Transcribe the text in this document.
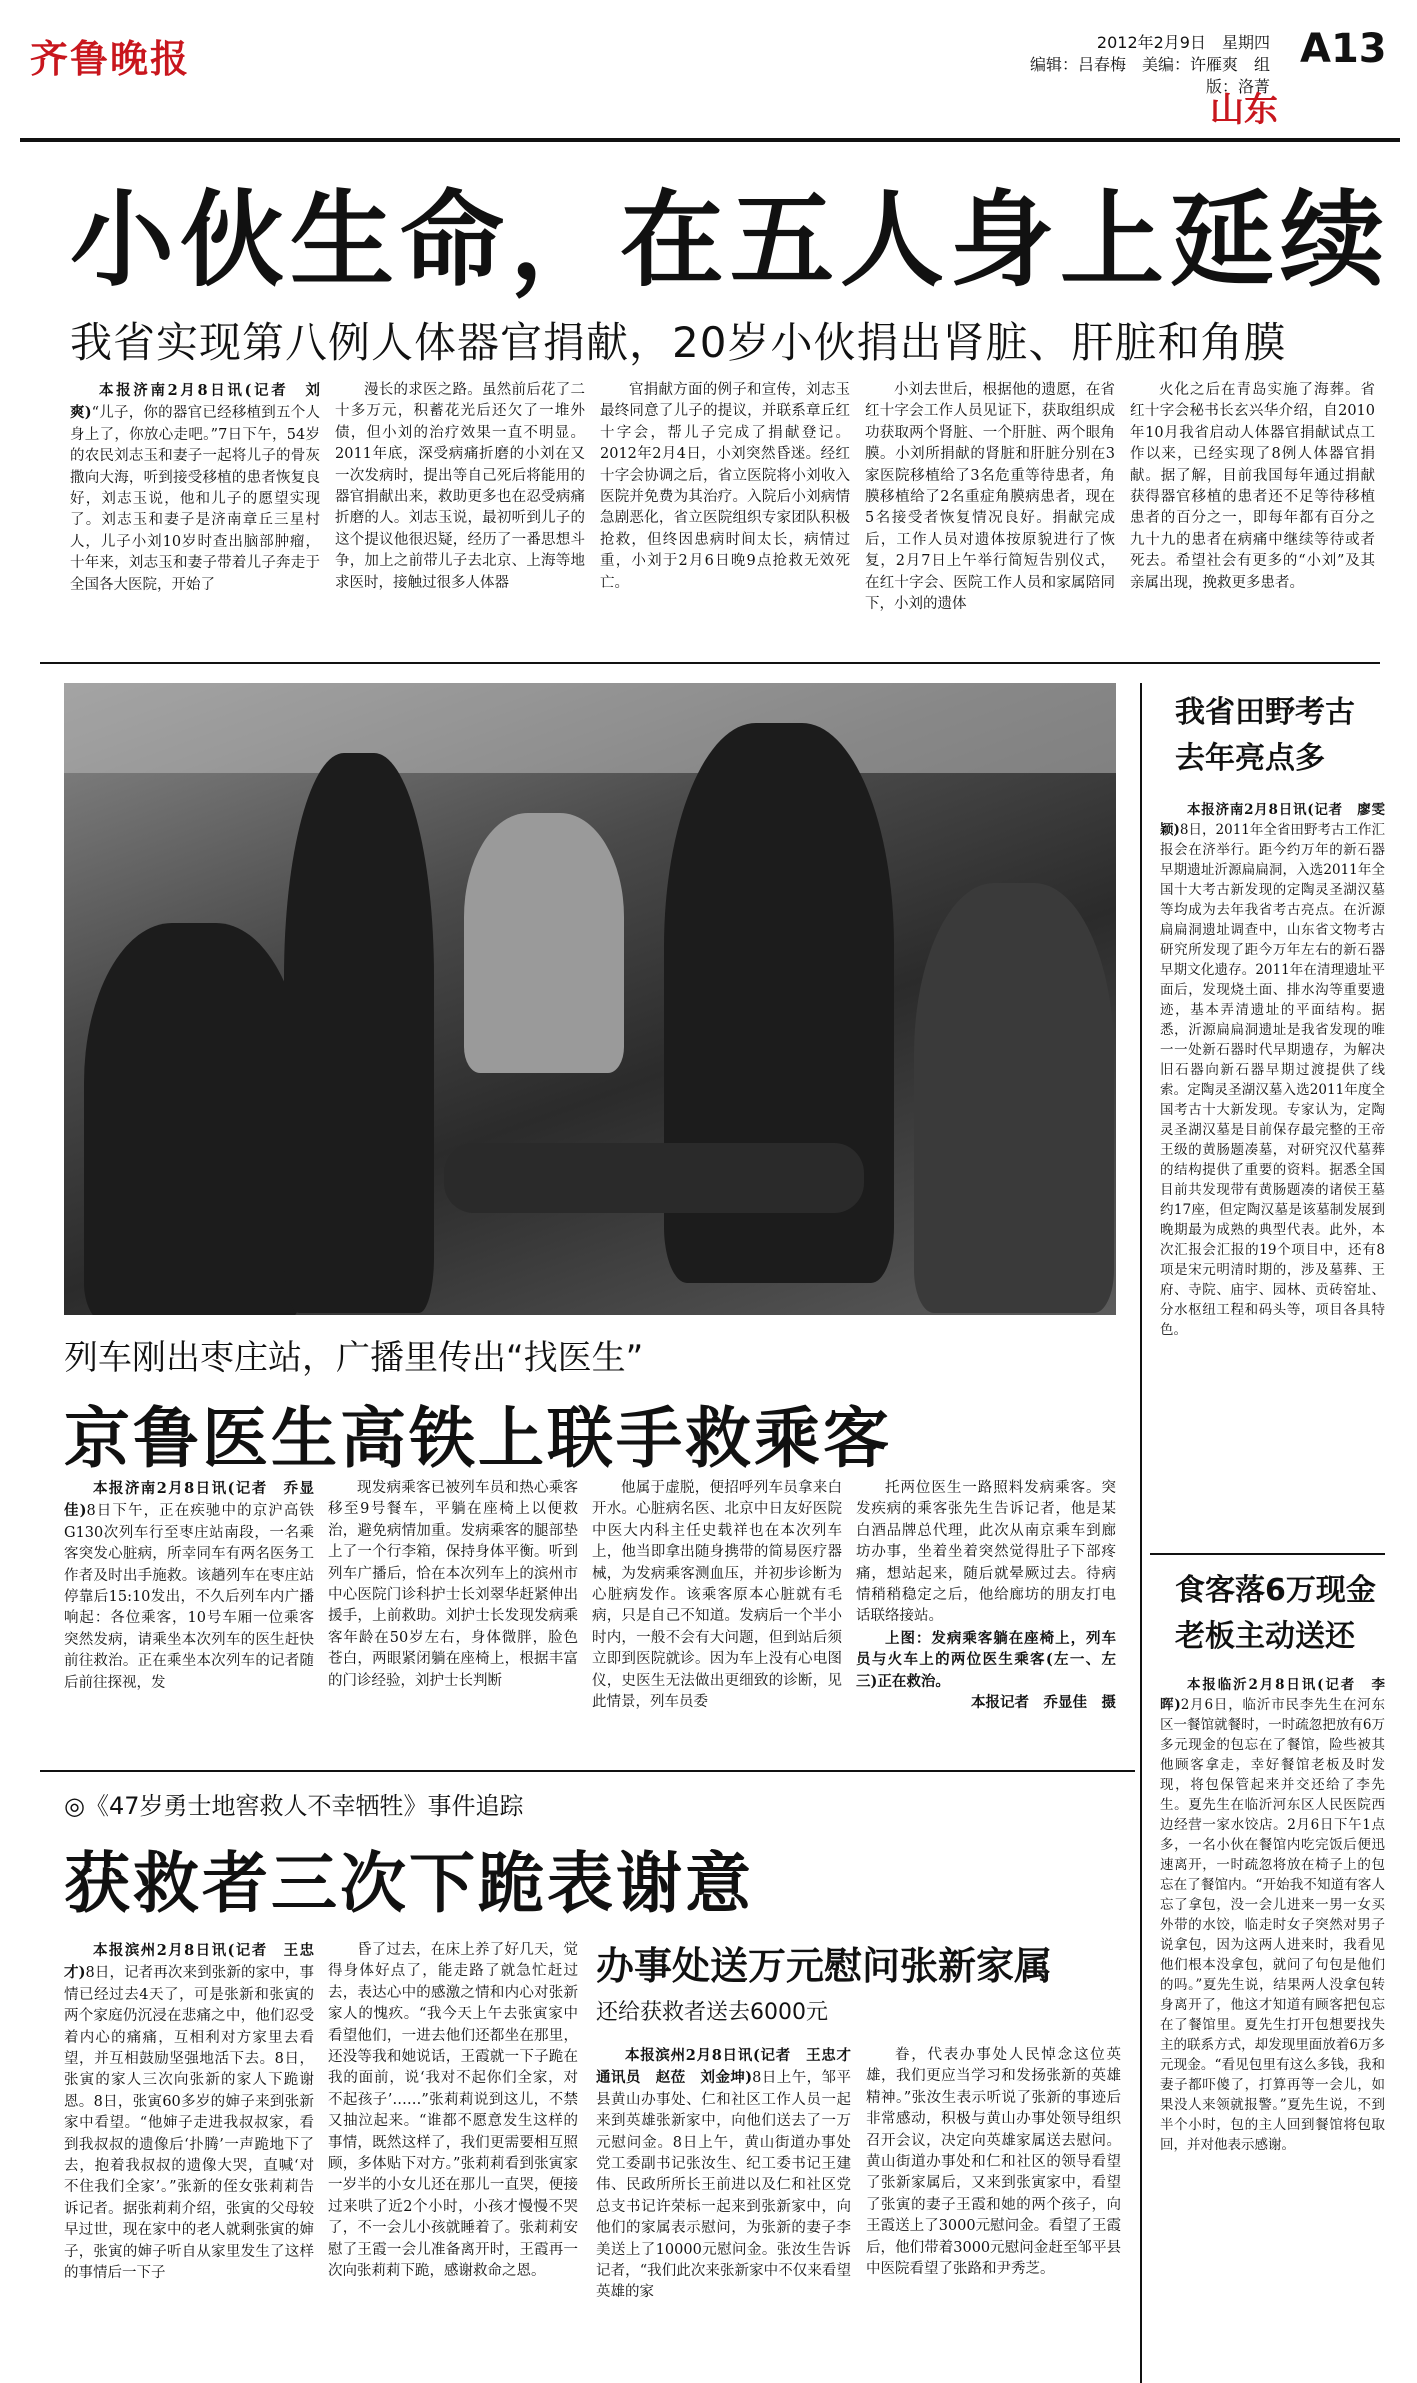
齐鲁晚报	2012年2月9日　星期四
编辑：吕春梅　美编：许雁爽　组版：洛菁
A13
山东
小伙生命，在五人身上延续
我省实现第八例人体器官捐献，20岁小伙捐出肾脏、肝脏和角膜

本报济南2月8日讯(记者　刘爽)“儿子，你的器官已经移植到五个人身上了，你放心走吧。”7日下午，54岁的农民刘志玉和妻子一起将儿子的骨灰撒向大海，听到接受移植的患者恢复良好，刘志玉说，他和儿子的愿望实现了。刘志玉和妻子是济南章丘三星村人，儿子小刘10岁时查出脑部肿瘤，十年来，刘志玉和妻子带着儿子奔走于全国各大医院，开始了

漫长的求医之路。虽然前后花了二十多万元，积蓄花光后还欠了一堆外债，但小刘的治疗效果一直不明显。2011年底，深受病痛折磨的小刘在又一次发病时，提出等自己死后将能用的器官捐献出来，救助更多也在忍受病痛折磨的人。刘志玉说，最初听到儿子的这个提议他很迟疑，经历了一番思想斗争，加上之前带儿子去北京、上海等地求医时，接触过很多人体器

官捐献方面的例子和宣传，刘志玉最终同意了儿子的提议，并联系章丘红十字会，帮儿子完成了捐献登记。2012年2月4日，小刘突然昏迷。经红十字会协调之后，省立医院将小刘收入医院并免费为其治疗。入院后小刘病情急剧恶化，省立医院组织专家团队积极抢救，但终因患病时间太长，病情过重，小刘于2月6日晚9点抢救无效死亡。

小刘去世后，根据他的遗愿，在省红十字会工作人员见证下，获取组织成功获取两个肾脏、一个肝脏、两个眼角膜。小刘所捐献的肾脏和肝脏分别在3家医院移植给了3名危重等待患者，角膜移植给了2名重症角膜病患者，现在5名接受者恢复情况良好。捐献完成后，工作人员对遗体按原貌进行了恢复，2月7日上午举行简短告别仪式，在红十字会、医院工作人员和家属陪同下，小刘的遗体

火化之后在青岛实施了海葬。省红十字会秘书长玄兴华介绍，自2010年10月我省启动人体器官捐献试点工作以来，已经实现了8例人体器官捐献。据了解，目前我国每年通过捐献获得器官移植的患者还不足等待移植患者的百分之一，即每年都有百分之九十九的患者在病痛中继续等待或者死去。希望社会有更多的“小刘”及其亲属出现，挽救更多患者。

列车刚出枣庄站，广播里传出“找医生”
京鲁医生高铁上联手救乘客

本报济南2月8日讯(记者　乔显佳)8日下午，正在疾驰中的京沪高铁G130次列车行至枣庄站南段，一名乘客突发心脏病，所幸同车有两名医务工作者及时出手施救。该趟列车在枣庄站停靠后15:10发出，不久后列车内广播响起：各位乘客，10号车厢一位乘客突然发病，请乘坐本次列车的医生赶快前往救治。正在乘坐本次列车的记者随后前往探视，发

现发病乘客已被列车员和热心乘客移至9号餐车，平躺在座椅上以便救治，避免病情加重。发病乘客的腿部垫上了一个行李箱，保持身体平衡。听到列车广播后，恰在本次列车上的滨州市中心医院门诊科护士长刘翠华赶紧伸出援手，上前救助。刘护士长发现发病乘客年龄在50岁左右，身体微胖，脸色苍白，两眼紧闭躺在座椅上，根据丰富的门诊经验，刘护士长判断

他属于虚脱，便招呼列车员拿来白开水。心脏病名医、北京中日友好医院中医大内科主任史载祥也在本次列车上，他当即拿出随身携带的简易医疗器械，为发病乘客测血压，并初步诊断为心脏病发作。该乘客原本心脏就有毛病，只是自己不知道。发病后一个半小时内，一般不会有大问题，但到站后须立即到医院就诊。因为车上没有心电图仪，史医生无法做出更细致的诊断，见此情景，列车员委

托两位医生一路照料发病乘客。突发疾病的乘客张先生告诉记者，他是某白酒品牌总代理，此次从南京乘车到廊坊办事，坐着坐着突然觉得肚子下部疼痛，想站起来，随后就晕厥过去。待病情稍稍稳定之后，他给廊坊的朋友打电话联络接站。

上图：发病乘客躺在座椅上，列车员与火车上的两位医生乘客(左一、左三)正在救治。

本报记者　乔显佳　摄
◎《47岁勇士地窖救人不幸牺牲》事件追踪
获救者三次下跪表谢意

本报滨州2月8日讯(记者　王忠才)8日，记者再次来到张新的家中，事情已经过去4天了，可是张新和张寅的两个家庭仍沉浸在悲痛之中，他们忍受着内心的痛痛，互相利对方家里去看望，并互相鼓励坚强地活下去。8日，张寅的家人三次向张新的家人下跪谢恩。8日，张寅60多岁的婶子来到张新家中看望。“他婶子走进我叔叔家，看到我叔叔的遗像后‘扑腾’一声跪地下了去，抱着我叔叔的遗像大哭，直喊‘对不住我们全家’。”张新的侄女张莉莉告诉记者。据张莉莉介绍，张寅的父母较早过世，现在家中的老人就剩张寅的婶子，张寅的婶子听自从家里发生了这样的事情后一下子

昏了过去，在床上养了好几天，觉得身体好点了，能走路了就急忙赶过去，表达心中的感激之情和内心对张新家人的愧疚。“我今天上午去张寅家中看望他们，一进去他们还都坐在那里，还没等我和她说话，王霞就一下子跪在我的面前，说‘我对不起你们全家，对不起孩子’……”张莉莉说到这儿，不禁又抽泣起来。“谁都不愿意发生这样的事情，既然这样了，我们更需要相互照顾，多体贴下对方。”张莉莉看到张寅家一岁半的小女儿还在那儿一直哭，便接过来哄了近2个小时，小孩才慢慢不哭了，不一会儿小孩就睡着了。张莉莉安慰了王霞一会儿准备离开时，王霞再一次向张莉莉下跪，感谢救命之恩。

办事处送万元慰问张新家属
还给获救者送去6000元

本报滨州2月8日讯(记者　王忠才　通讯员　赵莅　刘金坤)8日上午，邹平县黄山办事处、仁和社区工作人员一起来到英雄张新家中，向他们送去了一万元慰问金。8日上午，黄山街道办事处党工委副书记张汝生、纪工委书记王建伟、民政所所长王前进以及仁和社区党总支书记许荣标一起来到张新家中，向他们的家属表示慰问，为张新的妻子李美送上了10000元慰问金。张汝生告诉记者，“我们此次来张新家中不仅来看望英雄的家

眷，代表办事处人民悼念这位英雄，我们更应当学习和发扬张新的英雄精神。”张汝生表示听说了张新的事迹后非常感动，积极与黄山办事处领导组织召开会议，决定向英雄家属送去慰问。黄山街道办事处和仁和社区的领导看望了张新家属后，又来到张寅家中，看望了张寅的妻子王霞和她的两个孩子，向王霞送上了3000元慰问金。看望了王霞后，他们带着3000元慰问金赶至邹平县中医院看望了张路和尹秀芝。

我省田野考古
去年亮点多

本报济南2月8日讯(记者　廖雯颖)8日，2011年全省田野考古工作汇报会在济举行。距今约万年的新石器早期遗址沂源扁扁洞，入选2011年全国十大考古新发现的定陶灵圣湖汉墓等均成为去年我省考古亮点。在沂源扁扁洞遗址调查中，山东省文物考古研究所发现了距今万年左右的新石器早期文化遗存。2011年在清理遗址平面后，发现烧土面、排水沟等重要遗迹，基本弄清遗址的平面结构。据悉，沂源扁扁洞遗址是我省发现的唯一一处新石器时代早期遗存，为解决旧石器向新石器早期过渡提供了线索。定陶灵圣湖汉墓入选2011年度全国考古十大新发现。专家认为，定陶灵圣湖汉墓是目前保存最完整的王帝王级的黄肠题凑墓，对研究汉代墓葬的结构提供了重要的资料。据悉全国目前共发现带有黄肠题凑的诸侯王墓约17座，但定陶汉墓是该墓制发展到晚期最为成熟的典型代表。此外，本次汇报会汇报的19个项目中，还有8项是宋元明清时期的，涉及墓葬、王府、寺院、庙宇、园林、贡砖窑址、分水枢纽工程和码头等，项目各具特色。

食客落6万现金
老板主动送还

本报临沂2月8日讯(记者　李晖)2月6日，临沂市民李先生在河东区一餐馆就餐时，一时疏忽把放有6万多元现金的包忘在了餐馆，险些被其他顾客拿走，幸好餐馆老板及时发现，将包保管起来并交还给了李先生。夏先生在临沂河东区人民医院西边经营一家水饺店。2月6日下午1点多，一名小伙在餐馆内吃完饭后便迅速离开，一时疏忽将放在椅子上的包忘在了餐馆内。“开始我不知道有客人忘了拿包，没一会儿进来一男一女买外带的水饺，临走时女子突然对男子说拿包，因为这两人进来时，我看见他们根本没拿包，就问了句包是他们的吗。”夏先生说，结果两人没拿包转身离开了，他这才知道有顾客把包忘在了餐馆里。夏先生打开包想要找失主的联系方式，却发现里面放着6万多元现金。“看见包里有这么多钱，我和妻子都吓傻了，打算再等一会儿，如果没人来领就报警。”夏先生说，不到半个小时，包的主人回到餐馆将包取回，并对他表示感谢。
